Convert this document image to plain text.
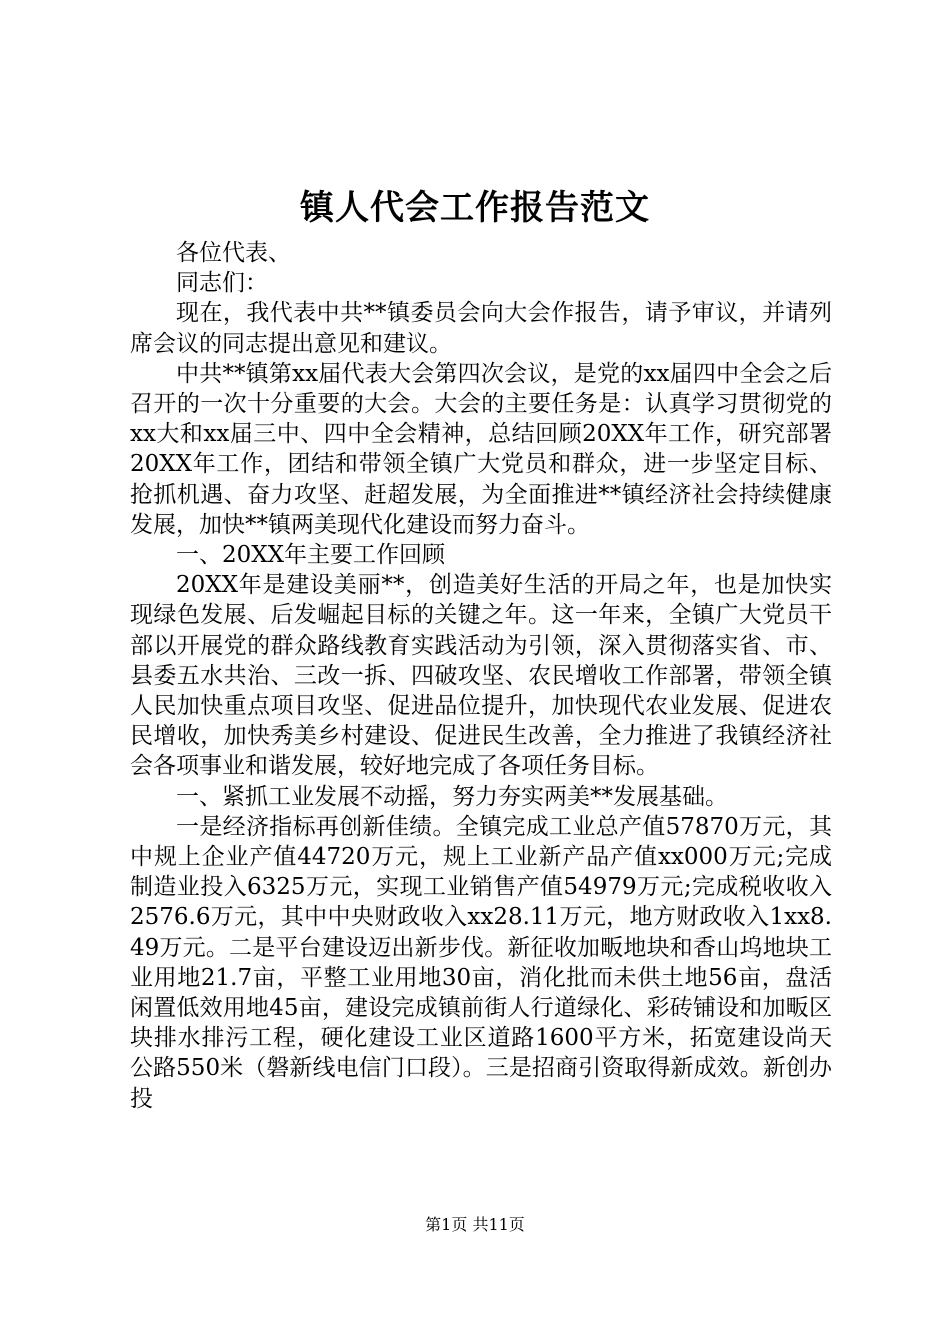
镇人代会工作报告范文

各位代表、

同志们：

现在，我代表中共**镇委员会向大会作报告，请予审议，并请列席会议的同志提出意见和建议。

中共**镇第xx届代表大会第四次会议，是党的xx届四中全会之后召开的一次十分重要的大会。大会的主要任务是：认真学习贯彻党的xx大和xx届三中、四中全会精神，总结回顾20XX年工作，研究部署20XX年工作，团结和带领全镇广大党员和群众，进一步坚定目标、抢抓机遇、奋力攻坚、赶超发展，为全面推进**镇经济社会持续健康发展，加快**镇两美现代化建设而努力奋斗。

一、20XX年主要工作回顾

20XX年是建设美丽**，创造美好生活的开局之年，也是加快实现绿色发展、后发崛起目标的关键之年。这一年来，全镇广大党员干部以开展党的群众路线教育实践活动为引领，深入贯彻落实省、市、县委五水共治、三改一拆、四破攻坚、农民增收工作部署，带领全镇人民加快重点项目攻坚、促进品位提升，加快现代农业发展、促进农民增收，加快秀美乡村建设、促进民生改善，全力推进了我镇经济社会各项事业和谐发展，较好地完成了各项任务目标。

一、紧抓工业发展不动摇，努力夯实两美**发展基础。

一是经济指标再创新佳绩。全镇完成工业总产值57870万元，其中规上企业产值44720万元，规上工业新产品产值xx000万元;完成制造业投入6325万元，实现工业销售产值54979万元;完成税收收入2576.6万元，其中中央财政收入xx28.11万元，地方财政收入1xx8.49万元。二是平台建设迈出新步伐。新征收加畈地块和香山坞地块工业用地21.7亩，平整工业用地30亩，消化批而未供土地56亩，盘活闲置低效用地45亩，建设完成镇前街人行道绿化、彩砖铺设和加畈区块排水排污工程，硬化建设工业区道路1600平方米，拓宽建设尚天公路550米（磐新线电信门口段）。三是招商引资取得新成效。新创办投

第1页 共11页
